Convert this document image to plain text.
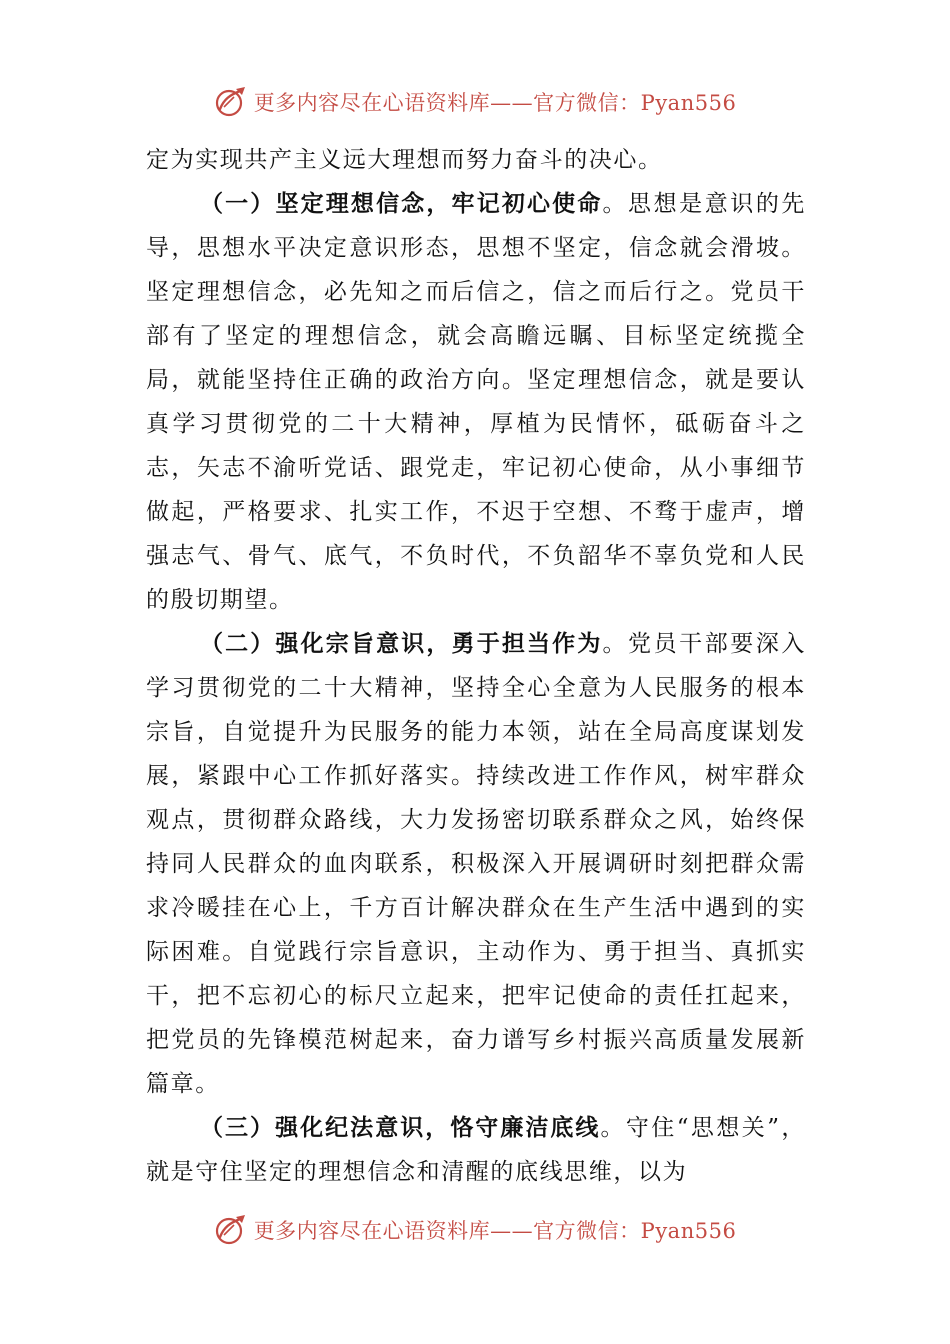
更多内容尽在心语资料库——官方微信：Pyan556

定为实现共产主义远大理想而努力奋斗的决心。

（一）坚定理想信念，牢记初心使命。思想是意识的先导，思想水平决定意识形态，思想不坚定，信念就会滑坡。坚定理想信念，必先知之而后信之，信之而后行之。党员干部有了坚定的理想信念，就会高瞻远瞩、目标坚定统揽全局，就能坚持住正确的政治方向。坚定理想信念，就是要认真学习贯彻党的二十大精神，厚植为民情怀，砥砺奋斗之志，矢志不渝听党话、跟党走，牢记初心使命，从小事细节做起，严格要求、扎实工作，不迟于空想、不骛于虚声，增强志气、骨气、底气，不负时代，不负韶华不辜负党和人民的殷切期望。

（二）强化宗旨意识，勇于担当作为。党员干部要深入学习贯彻党的二十大精神，坚持全心全意为人民服务的根本宗旨，自觉提升为民服务的能力本领，站在全局高度谋划发展，紧跟中心工作抓好落实。持续改进工作作风，树牢群众观点，贯彻群众路线，大力发扬密切联系群众之风，始终保持同人民群众的血肉联系，积极深入开展调研时刻把群众需求冷暖挂在心上，千方百计解决群众在生产生活中遇到的实际困难。自觉践行宗旨意识，主动作为、勇于担当、真抓实干，把不忘初心的标尺立起来，把牢记使命的责任扛起来，把党员的先锋模范树起来，奋力谱写乡村振兴高质量发展新篇章。

（三）强化纪法意识，恪守廉洁底线。守住“思想关”，就是守住坚定的理想信念和清醒的底线思维，以为

更多内容尽在心语资料库——官方微信：Pyan556
